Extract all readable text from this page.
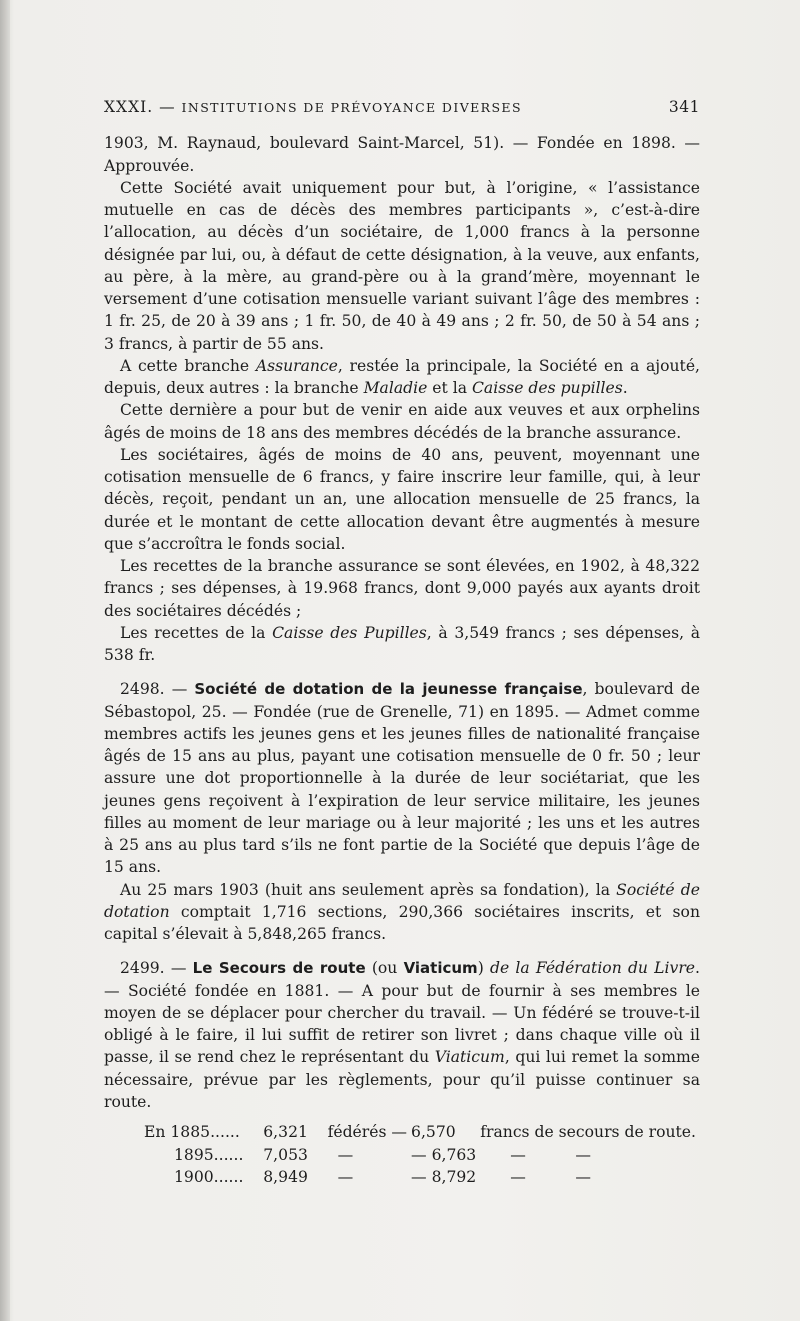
XXXI. — INSTITUTIONS DE PRÉVOYANCE DIVERSES	341

1903, M. Raynaud, boulevard Saint-Marcel, 51). — Fondée en 1898. — Approuvée.

Cette Société avait uniquement pour but, à l’origine, « l’assistance mutuelle en cas de décès des membres participants », c’est-à-dire l’allocation, au décès d’un sociétaire, de 1,000 francs à la personne désignée par lui, ou, à défaut de cette désignation, à la veuve, aux enfants, au père, à la mère, au grand-père ou à la grand’mère, moyennant le versement d’une cotisation mensuelle variant suivant l’âge des membres : 1 fr. 25, de 20 à 39 ans ; 1 fr. 50, de 40 à 49 ans ; 2 fr. 50, de 50 à 54 ans ; 3 francs, à partir de 55 ans.

A cette branche Assurance, restée la principale, la Société en a ajouté, depuis, deux autres : la branche Maladie et la Caisse des pupilles.

Cette dernière a pour but de venir en aide aux veuves et aux orphelins âgés de moins de 18 ans des membres décédés de la branche assurance.

Les sociétaires, âgés de moins de 40 ans, peuvent, moyennant une cotisation mensuelle de 6 francs, y faire inscrire leur famille, qui, à leur décès, reçoit, pendant un an, une allocation mensuelle de 25 francs, la durée et le montant de cette allocation devant être augmentés à mesure que s’accroîtra le fonds social.

Les recettes de la branche assurance se sont élevées, en 1902, à 48,322 francs ; ses dépenses, à 19.968 francs, dont 9,000 payés aux ayants droit des sociétaires décédés ;

Les recettes de la Caisse des Pupilles, à 3,549 francs ; ses dépenses, à 538 fr.

2498. — Société de dotation de la jeunesse française, boulevard de Sébastopol, 25. — Fondée (rue de Grenelle, 71) en 1895. — Admet comme membres actifs les jeunes gens et les jeunes filles de nationalité française âgés de 15 ans au plus, payant une cotisation mensuelle de 0 fr. 50 ; leur assure une dot proportionnelle à la durée de leur sociétariat, que les jeunes gens reçoivent à l’expiration de leur service militaire, les jeunes filles au moment de leur mariage ou à leur majorité ; les uns et les autres à 25 ans au plus tard s’ils ne font partie de la Société que depuis l’âge de 15 ans.

Au 25 mars 1903 (huit ans seulement après sa fondation), la Société de dotation comptait 1,716 sections, 290,366 sociétaires inscrits, et son capital s’élevait à 5,848,265 francs.

2499. — Le Secours de route (ou Viaticum) de la Fédération du Livre. — Société fondée en 1881. — A pour but de fournir à ses membres le moyen de se déplacer pour chercher du travail. — Un fédéré se trouve-t-il obligé à le faire, il lui suffit de retirer son livret ; dans chaque ville où il passe, il se rend chez le représentant du Viaticum, qui lui remet la somme nécessaire, prévue par les règlements, pour qu’il puisse continuer sa route.

En 1885......	6,321	fédérés —	6,570	francs de secours de route.
1895......	7,053	—	— 6,763	—          —
1900......	8,949	—	— 8,792	—          —
